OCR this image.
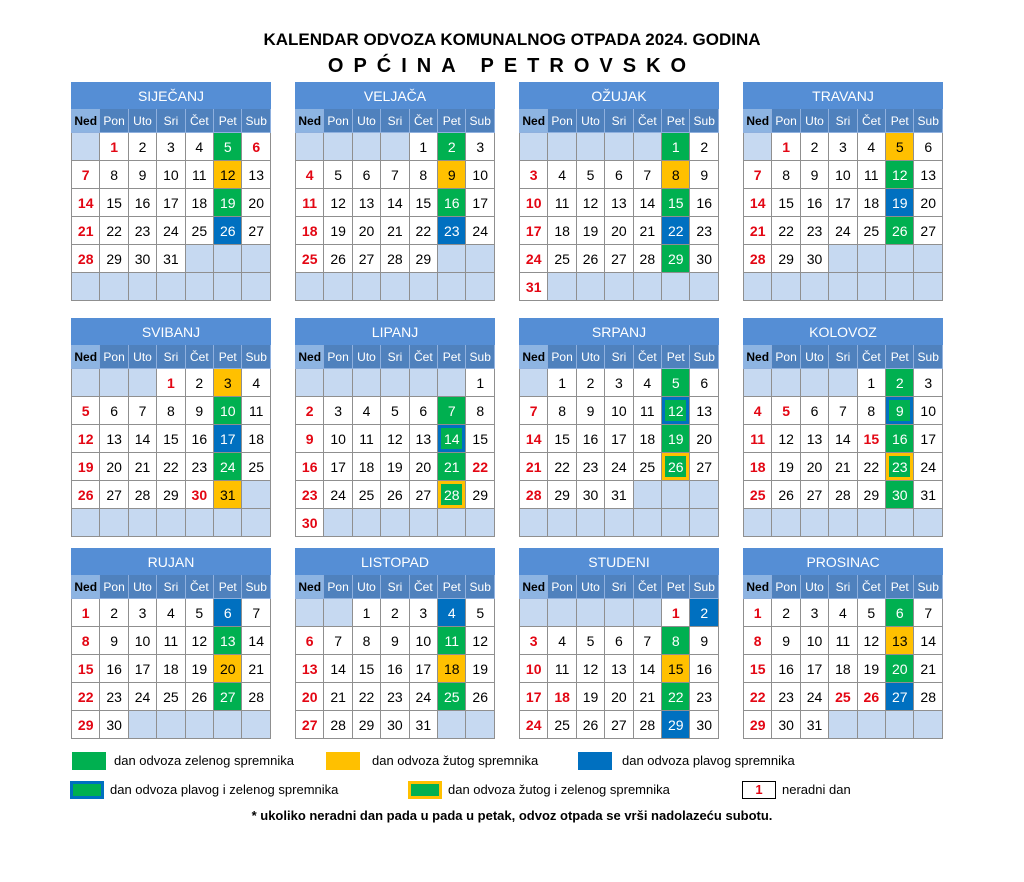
KALENDAR ODVOZA KOMUNALNOG OTPADA 2024. GODINA
OPĆINA PETROVSKO
SIJEČANJ						
Ned	Pon	Uto	Sri	Čet	Pet	Sub
	1	2	3	4	5	6
7	8	9	10	11	12	13
14	15	16	17	18	19	20
21	22	23	24	25	26	27
28	29	30	31			

VELJAČA						
Ned	Pon	Uto	Sri	Čet	Pet	Sub
				1	2	3
4	5	6	7	8	9	10
11	12	13	14	15	16	17
18	19	20	21	22	23	24
25	26	27	28	29		

OŽUJAK						
Ned	Pon	Uto	Sri	Čet	Pet	Sub
					1	2
3	4	5	6	7	8	9
10	11	12	13	14	15	16
17	18	19	20	21	22	23
24	25	26	27	28	29	30
31						
TRAVANJ						
Ned	Pon	Uto	Sri	Čet	Pet	Sub
	1	2	3	4	5	6
7	8	9	10	11	12	13
14	15	16	17	18	19	20
21	22	23	24	25	26	27
28	29	30				

SVIBANJ						
Ned	Pon	Uto	Sri	Čet	Pet	Sub
			1	2	3	4
5	6	7	8	9	10	11
12	13	14	15	16	17	18
19	20	21	22	23	24	25
26	27	28	29	30	31	

LIPANJ						
Ned	Pon	Uto	Sri	Čet	Pet	Sub
						1
2	3	4	5	6	7	8
9	10	11	12	13	14	15
16	17	18	19	20	21	22
23	24	25	26	27	28	29
30						
SRPANJ						
Ned	Pon	Uto	Sri	Čet	Pet	Sub
	1	2	3	4	5	6
7	8	9	10	11	12	13
14	15	16	17	18	19	20
21	22	23	24	25	26	27
28	29	30	31			

KOLOVOZ						
Ned	Pon	Uto	Sri	Čet	Pet	Sub
				1	2	3
4	5	6	7	8	9	10
11	12	13	14	15	16	17
18	19	20	21	22	23	24
25	26	27	28	29	30	31

RUJAN						
Ned	Pon	Uto	Sri	Čet	Pet	Sub
1	2	3	4	5	6	7
8	9	10	11	12	13	14
15	16	17	18	19	20	21
22	23	24	25	26	27	28
29	30					
LISTOPAD						
Ned	Pon	Uto	Sri	Čet	Pet	Sub
		1	2	3	4	5
6	7	8	9	10	11	12
13	14	15	16	17	18	19
20	21	22	23	24	25	26
27	28	29	30	31		
STUDENI						
Ned	Pon	Uto	Sri	Čet	Pet	Sub
					1	2
3	4	5	6	7	8	9
10	11	12	13	14	15	16
17	18	19	20	21	22	23
24	25	26	27	28	29	30
PROSINAC						
Ned	Pon	Uto	Sri	Čet	Pet	Sub
1	2	3	4	5	6	7
8	9	10	11	12	13	14
15	16	17	18	19	20	21
22	23	24	25	26	27	28
29	30	31				
dan odvoza zelenog spremnika	dan odvoza žutog spremnika	dan odvoza plavog spremnika
dan odvoza plavog i zelenog spremnika	dan odvoza žutog i zelenog spremnika	1	neradni dan
* ukoliko neradni dan pada u pada u petak, odvoz otpada se vrši nadolazeću subotu.
